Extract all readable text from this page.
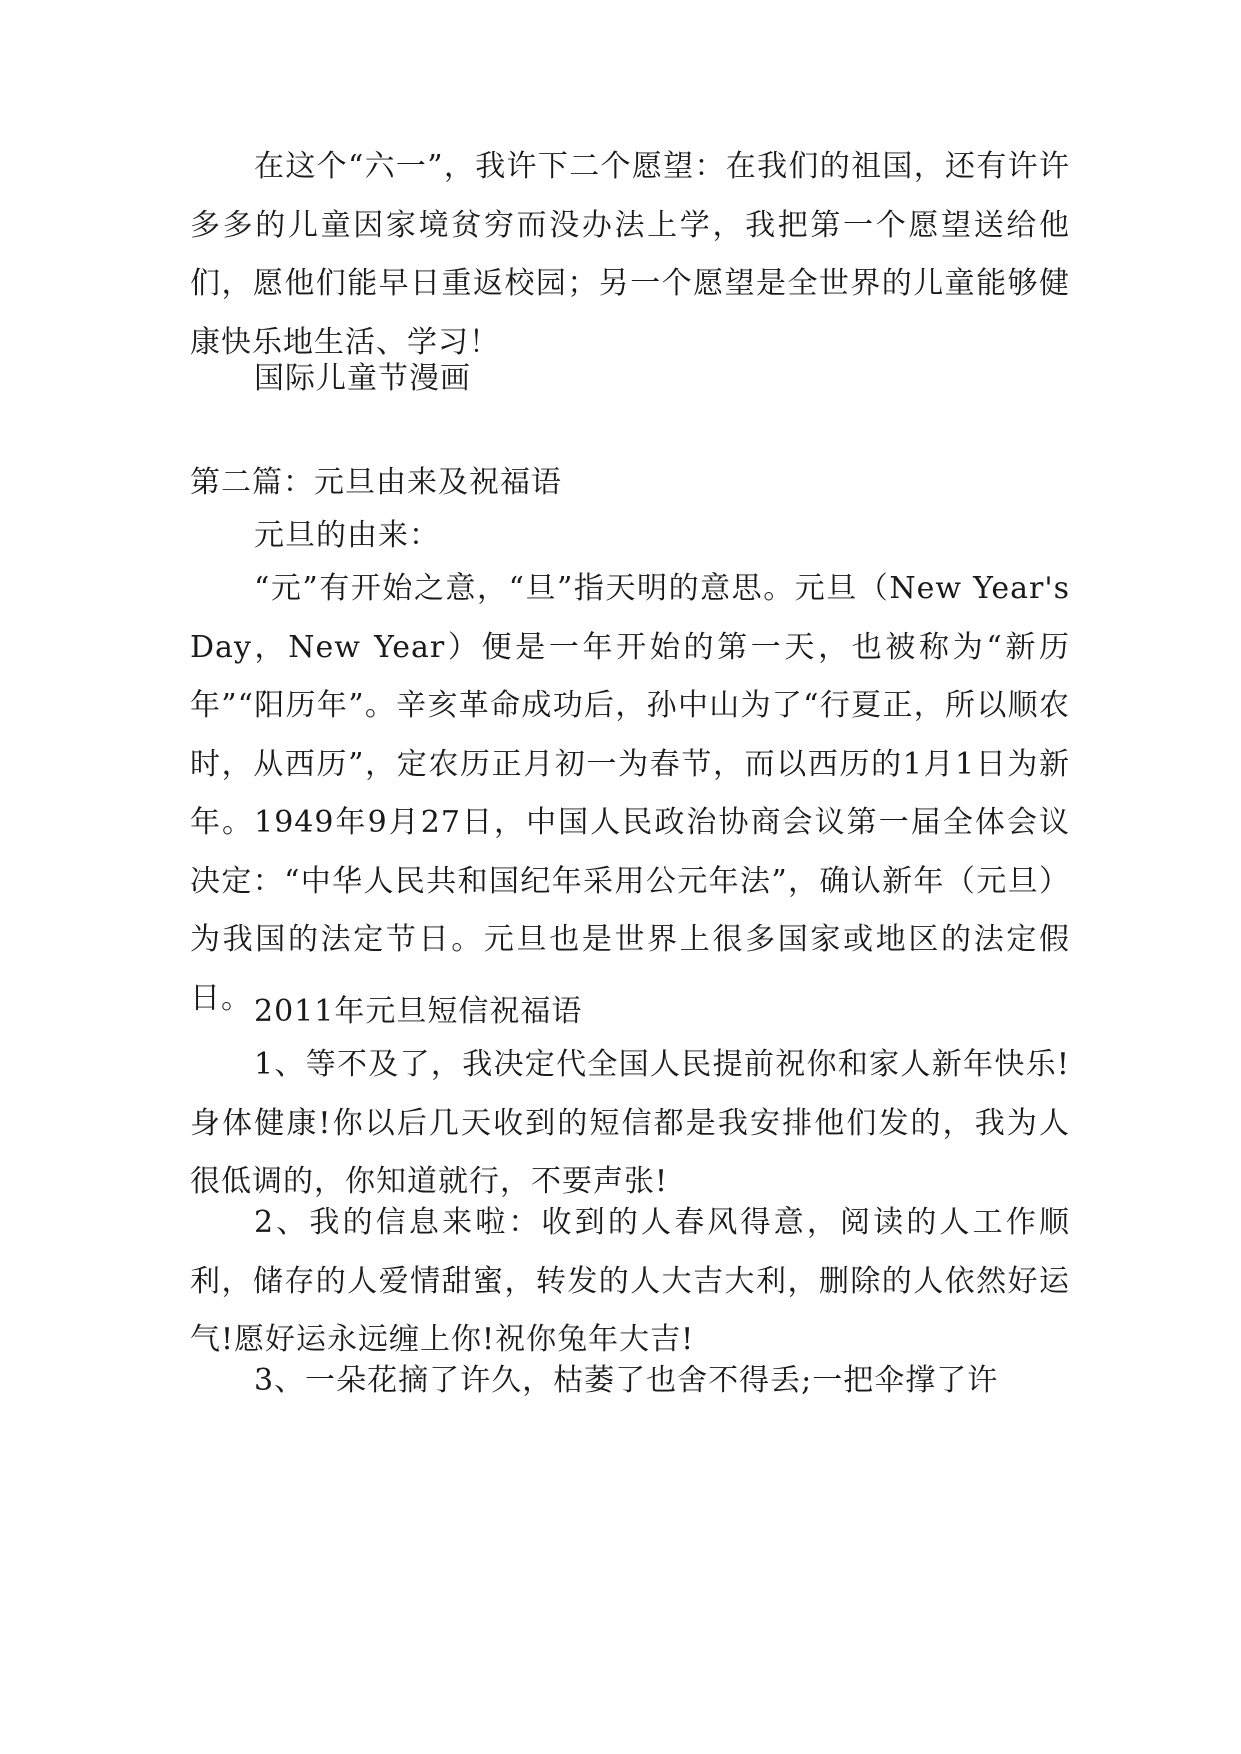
在这个“六一”，我许下二个愿望：在我们的祖国，还有许许多多的儿童因家境贫穷而没办法上学，我把第一个愿望送给他们，愿他们能早日重返校园；另一个愿望是全世界的儿童能够健康快乐地生活、学习！

国际儿童节漫画

第二篇：元旦由来及祝福语

元旦的由来：

“元”有开始之意，“旦”指天明的意思。元旦（New Year's Day，New Year）便是一年开始的第一天，也被称为“新历年”“阳历年”。辛亥革命成功后，孙中山为了“行夏正，所以顺农时，从西历”，定农历正月初一为春节，而以西历的1月1日为新年。1949年9月27日，中国人民政治协商会议第一届全体会议决定：“中华人民共和国纪年采用公元年法”，确认新年（元旦）为我国的法定节日。元旦也是世界上很多国家或地区的法定假日。 2011年元旦短信祝福语

1、等不及了，我决定代全国人民提前祝你和家人新年快乐!身体健康!你以后几天收到的短信都是我安排他们发的，我为人很低调的，你知道就行，不要声张!

2、我的信息来啦：收到的人春风得意，阅读的人工作顺利，储存的人爱情甜蜜，转发的人大吉大利，删除的人依然好运气!愿好运永远缠上你!祝你兔年大吉!

3、一朵花摘了许久，枯萎了也舍不得丢;一把伞撑了许
